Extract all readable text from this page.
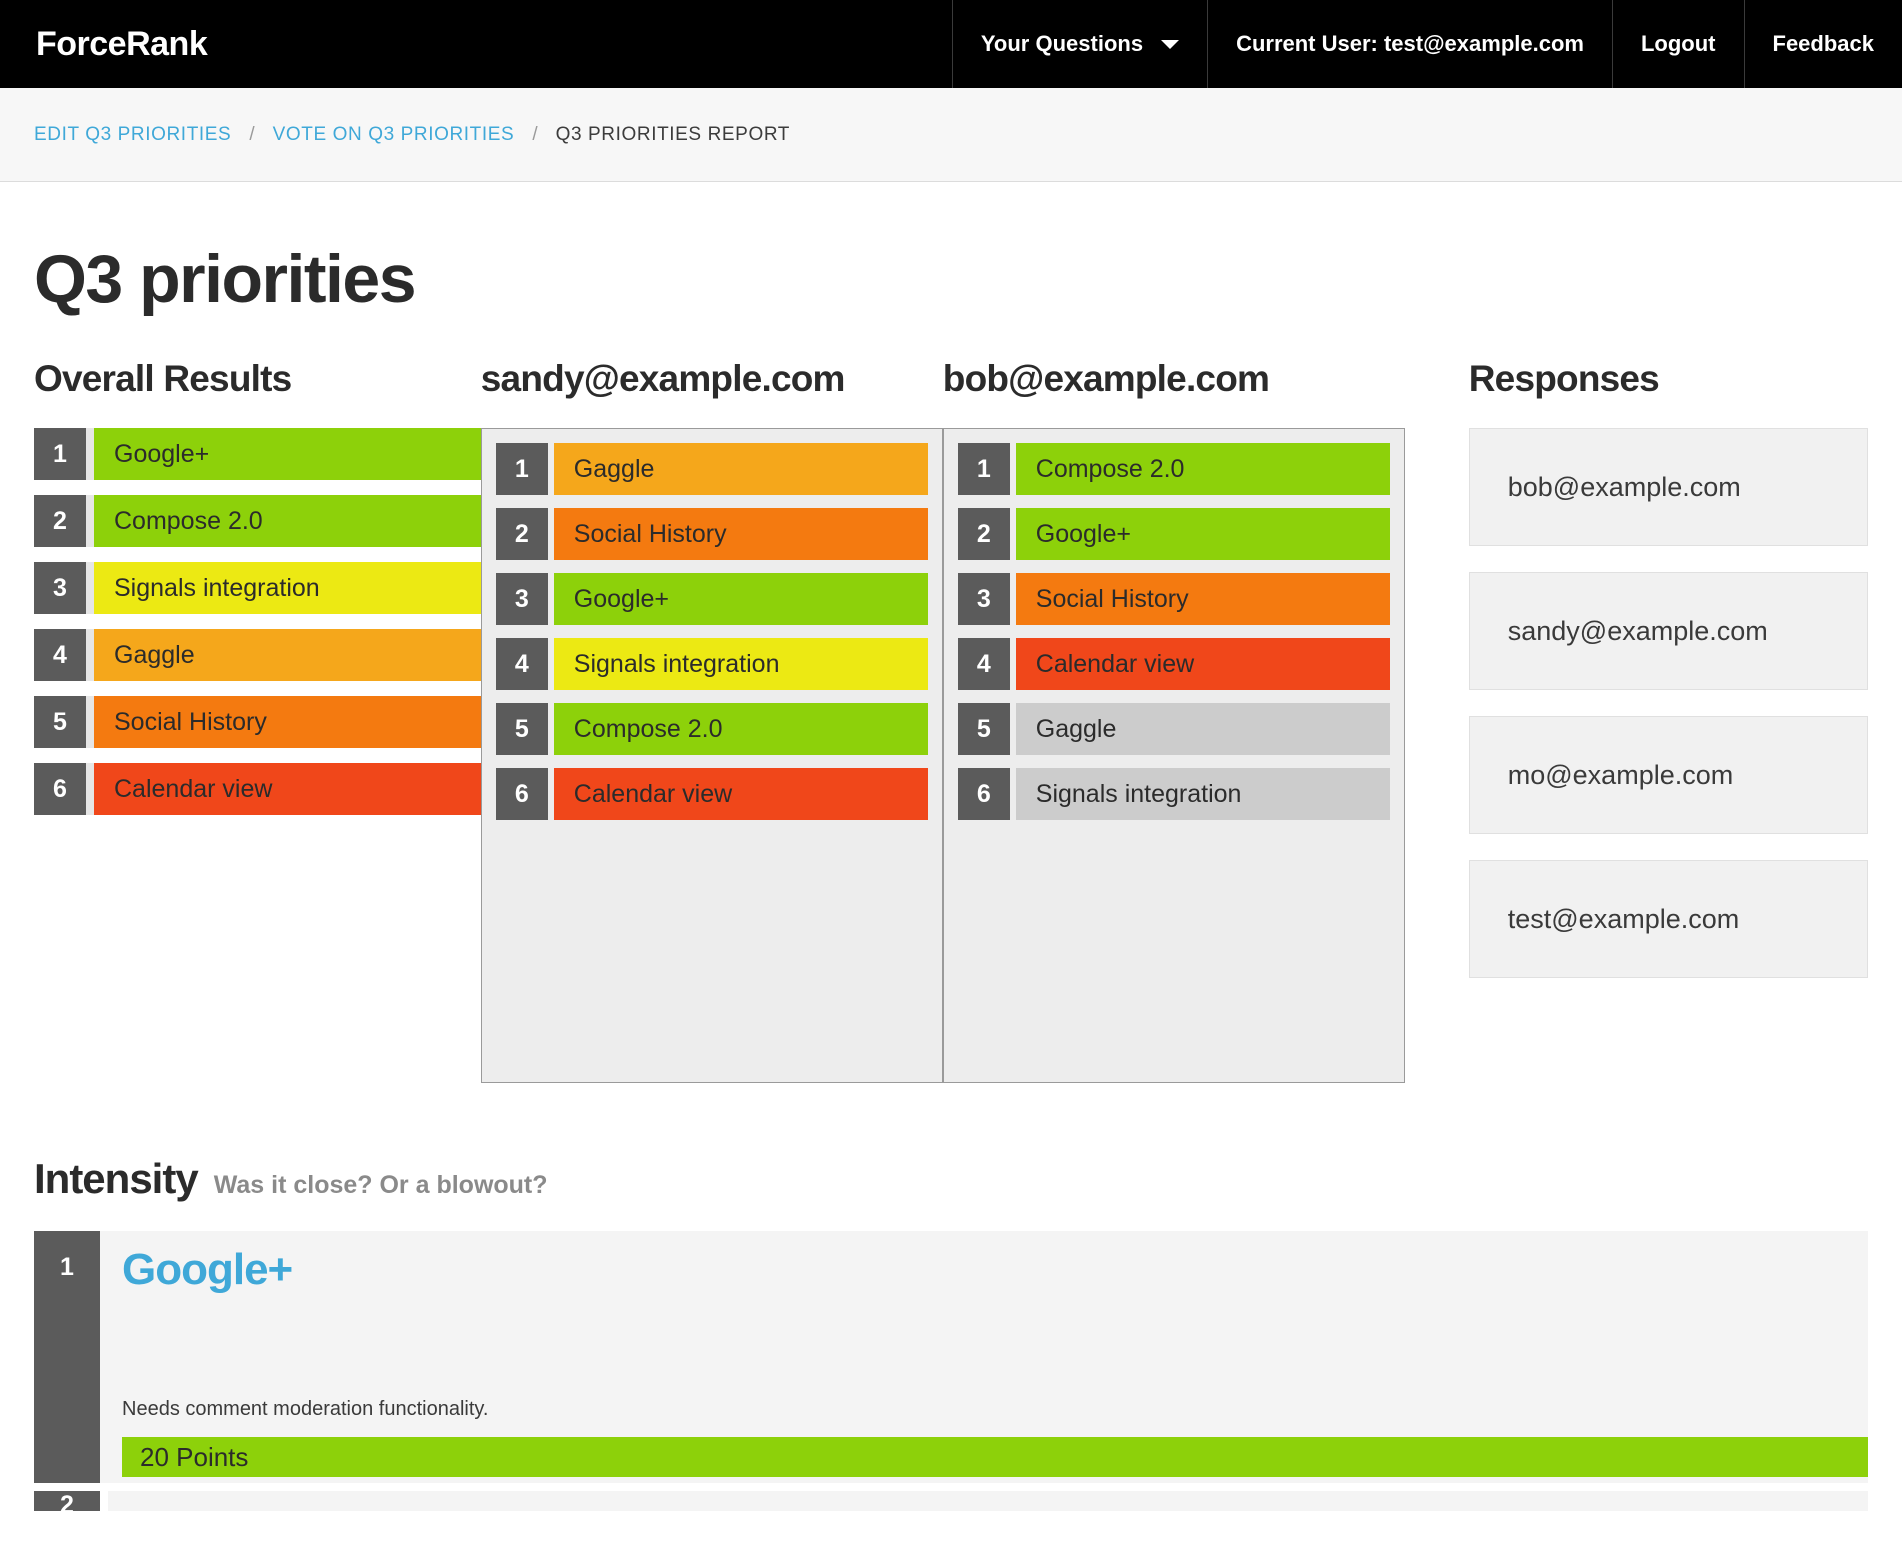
ForceRank	Your Questions	Current User: test@example.com	Logout	Feedback
EDIT Q3 PRIORITIES / VOTE ON Q3 PRIORITIES / Q3 PRIORITIES REPORT
Q3 priorities
Overall Results
1	Google+
2	Compose 2.0
3	Signals integration
4	Gaggle
5	Social History
6	Calendar view
sandy@example.com
1	Gaggle
2	Social History
3	Google+
4	Signals integration
5	Compose 2.0
6	Calendar view
bob@example.com
1	Compose 2.0
2	Google+
3	Social History
4	Calendar view
5	Gaggle
6	Signals integration
Responses
bob@example.com
sandy@example.com
mo@example.com
test@example.com
Intensity Was it close? Or a blowout?
1	Google+
Needs comment moderation functionality.
20 Points
2
